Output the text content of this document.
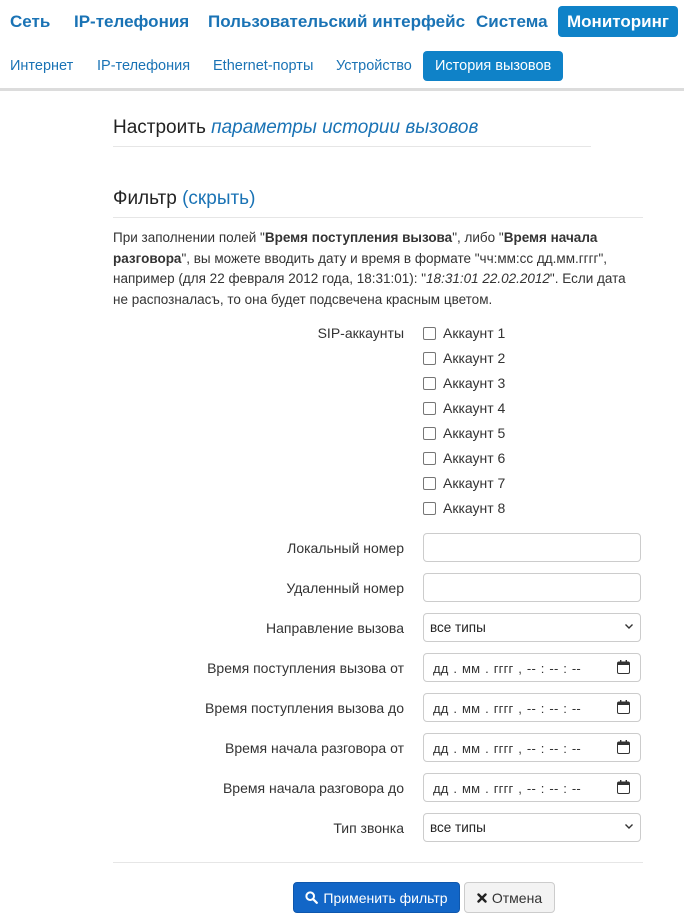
Сеть IP-телефония Пользовательский интерфейс Система	Мониторинг
Интернет IP-телефония Ethernet-порты Устройство	История вызовов
Настроить параметры истории вызовов
Фильтр (скрыть)
При заполнении полей "Время поступления вызова", либо "Время начала разговора", вы можете вводить дату и время в формате "чч:мм:сс дд.мм.гггг", например (для 22 февраля 2012 года, 18:31:01): "18:31:01 22.02.2012". Если дата не распозналасъ, то она будет подсвечена красным цветом.
SIP-аккаунты	Аккаунт 1
Аккаунт 2
Аккаунт 3
Аккаунт 4
Аккаунт 5
Аккаунт 6
Аккаунт 7
Аккаунт 8
Локальный номер
Удаленный номер
Направление вызова все типы
Время поступления вызова от дд . мм . гггг , -- : -- : --
Время поступления вызова до дд . мм . гггг , -- : -- : --
Время начала разговора от дд . мм . гггг , -- : -- : --
Время начала разговора до дд . мм . гггг , -- : -- : --
Тип звонка все типы
Применить фильтр	Отмена
